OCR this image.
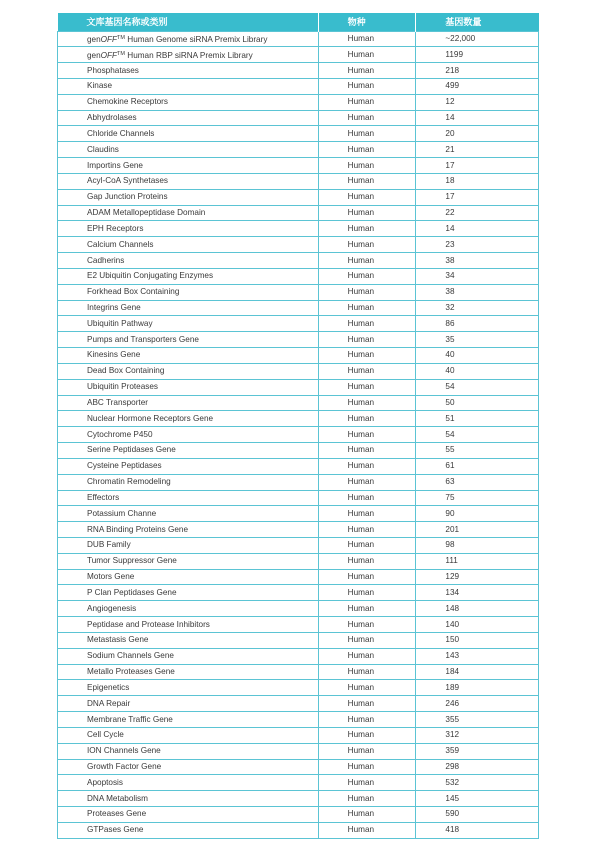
文库基因名称或类别	物种	基因数量
genOFF™ Human Genome siRNA Premix Library	Human	~22,000
genOFF™ Human RBP siRNA Premix Library	Human	1199
Phosphatases	Human	218
Kinase	Human	499
Chemokine Receptors	Human	12
Abhydrolases	Human	14
Chloride Channels	Human	20
Claudins	Human	21
Importins Gene	Human	17
Acyl-CoA Synthetases	Human	18
Gap Junction Proteins	Human	17
ADAM Metallopeptidase Domain	Human	22
EPH Receptors	Human	14
Calcium Channels	Human	23
Cadherins	Human	38
E2 Ubiquitin Conjugating Enzymes	Human	34
Forkhead Box Containing	Human	38
Integrins Gene	Human	32
Ubiquitin Pathway	Human	86
Pumps and Transporters Gene	Human	35
Kinesins Gene	Human	40
Dead Box Containing	Human	40
Ubiquitin Proteases	Human	54
ABC Transporter	Human	50
Nuclear Hormone Receptors Gene	Human	51
Cytochrome P450	Human	54
Serine Peptidases Gene	Human	55
Cysteine Peptidases	Human	61
Chromatin Remodeling	Human	63
Effectors	Human	75
Potassium Channe	Human	90
RNA Binding Proteins Gene	Human	201
DUB Family	Human	98
Tumor Suppressor Gene	Human	111
Motors Gene	Human	129
P Clan Peptidases Gene	Human	134
Angiogenesis	Human	148
Peptidase and Protease Inhibitors	Human	140
Metastasis Gene	Human	150
Sodium Channels Gene	Human	143
Metallo Proteases Gene	Human	184
Epigenetics	Human	189
DNA Repair	Human	246
Membrane Traffic Gene	Human	355
Cell Cycle	Human	312
ION Channels Gene	Human	359
Growth Factor Gene	Human	298
Apoptosis	Human	532
DNA Metabolism	Human	145
Proteases Gene	Human	590
GTPases Gene	Human	418
